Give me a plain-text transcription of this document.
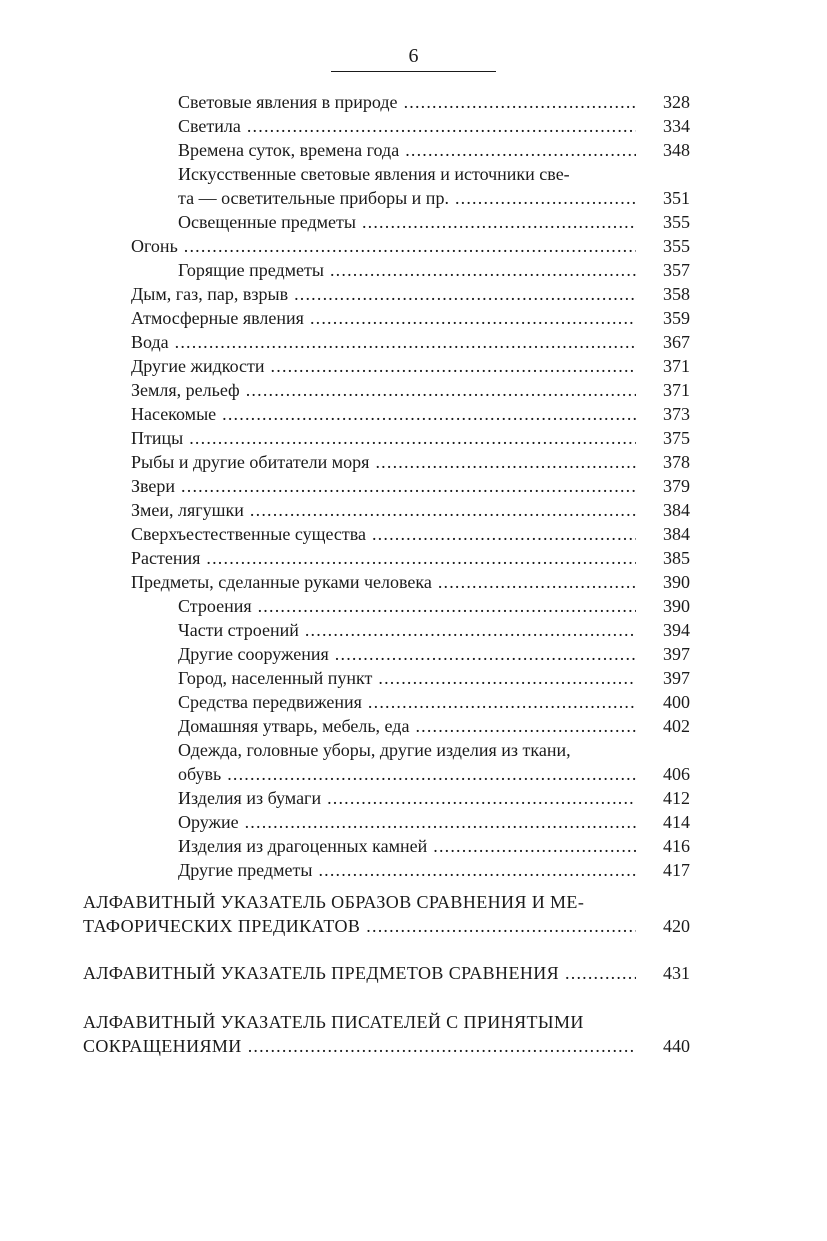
6
Световые явления в природе .....	328
Светила .....	334
Времена суток, времена года .....	348
Искусственные световые явления и источники све-
та — осветительные приборы и пр. .....	351
Освещенные предметы .....	355
Огонь .....	355
Горящие предметы .....	357
Дым, газ, пар, взрыв .....	358
Атмосферные явления .....	359
Вода .....	367
Другие жидкости .....	371
Земля, рельеф .....	371
Насекомые .....	373
Птицы .....	375
Рыбы и другие обитатели моря .....	378
Звери .....	379
Змеи, лягушки .....	384
Сверхъестественные существа .....	384
Растения .....	385
Предметы, сделанные руками человека .....	390
Строения .....	390
Части строений .....	394
Другие сооружения .....	397
Город, населенный пункт .....	397
Средства передвижения .....	400
Домашняя утварь, мебель, еда .....	402
Одежда, головные уборы, другие изделия из ткани,
обувь .....	406
Изделия из бумаги .....	412
Оружие .....	414
Изделия из драгоценных камней .....	416
Другие предметы .....	417
АЛФАВИТНЫЙ УКАЗАТЕЛЬ ОБРАЗОВ СРАВНЕНИЯ И МЕ-
ТАФОРИЧЕСКИХ ПРЕДИКАТОВ .....	420
АЛФАВИТНЫЙ УКАЗАТЕЛЬ ПРЕДМЕТОВ СРАВНЕНИЯ .....	431
АЛФАВИТНЫЙ УКАЗАТЕЛЬ ПИСАТЕЛЕЙ С ПРИНЯТЫМИ
СОКРАЩЕНИЯМИ .....	440
